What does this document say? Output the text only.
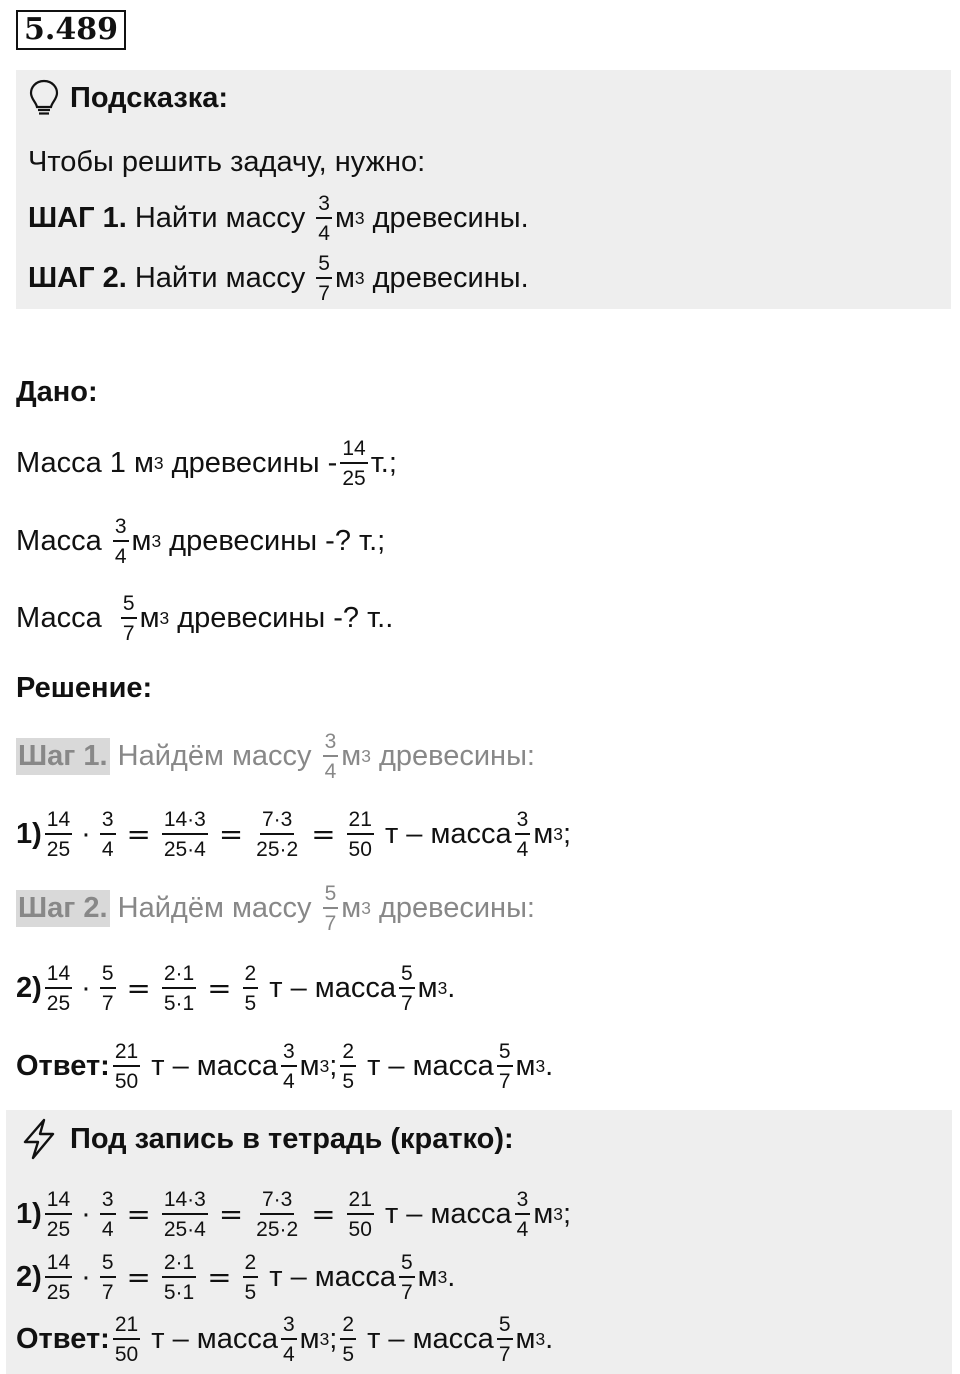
5.489
Подсказка:
Чтобы решить задачу, нужно:
ШАГ 1.
Найти массу
$\frac{3}{4}$ м 3
древесины.
ШАГ 2.
Найти массу
$\frac{5}{7}$ м 3
древесины.
Дано:
Масса 1 м 3
древесины - $\frac{14}{25} т$.;
Масса
$\frac{3}{4}$ м 3
древесины -? т.;
Масса
$\frac{5}{7}$ м 3
древесины -? т..
Решение:
Шаг 1.
Найдём массу
$\frac{3}{4}$ м 3
древесины:
$1) \frac{14}{25} \cdot \frac{3}{4} = \frac{14\cdot 3}{25\cdot 4} = \frac{7\cdot 3}{25\cdot 2} = \frac{21}{50}$
т – масса $\frac{3}{4}$ м 3 ;
Шаг 2.
Найдём массу
$\frac{5}{7}$ м 3
древесины:
$2) \frac{14}{25} \cdot \frac{5}{7} = \frac{2\cdot 1}{5\cdot 1} = \frac{2}{5}$
т – масса $\frac{5}{7}$ м 3 .
Ответ: $\frac{21}{50}$
т – масса $\frac{3}{4}$ м 3 ; $\frac{2}{5}$
т – масса $\frac{5}{7}$ м 3 .
Под запись в тетрадь (кратко):
$1) \frac{14}{25} \cdot \frac{3}{4} = \frac{14\cdot 3}{25\cdot 4} = \frac{7\cdot 3}{25\cdot 2} = \frac{21}{50}$
т – масса $\frac{3}{4}$ м 3 ;
$2) \frac{14}{25} \cdot \frac{5}{7} = \frac{2\cdot 1}{5\cdot 1} = \frac{2}{5}$
т – масса $\frac{5}{7}$ м 3 .
Ответ: $\frac{21}{50}$
т – масса $\frac{3}{4}$ м 3 ; $\frac{2}{5}$
т – масса $\frac{5}{7}$ м 3 .
